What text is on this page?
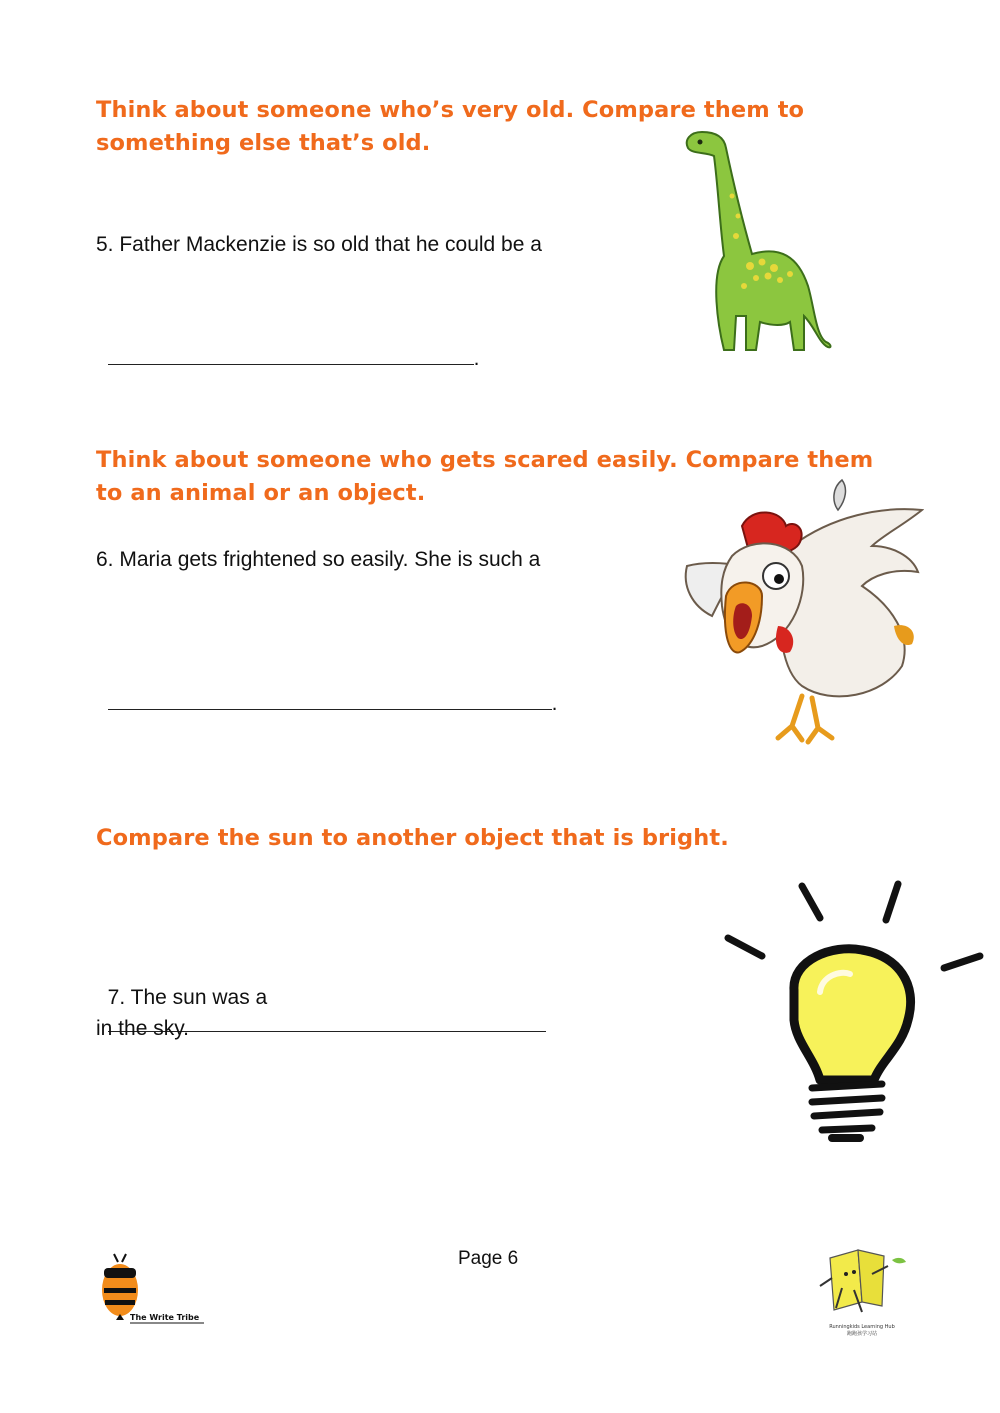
Think about someone who’s very old. Compare them to something else that’s old.
5. Father Mackenzie is so old that he could be a

.

Think about someone who gets scared easily. Compare them to an animal or an object.
6. Maria gets frightened so easily. She is such a

.

Compare the sun to another object that is bright.

7. The sun was a

in the sky.
The Write Tribe
Page 6
Runningkids Learning Hub
跑跑孩学习站
